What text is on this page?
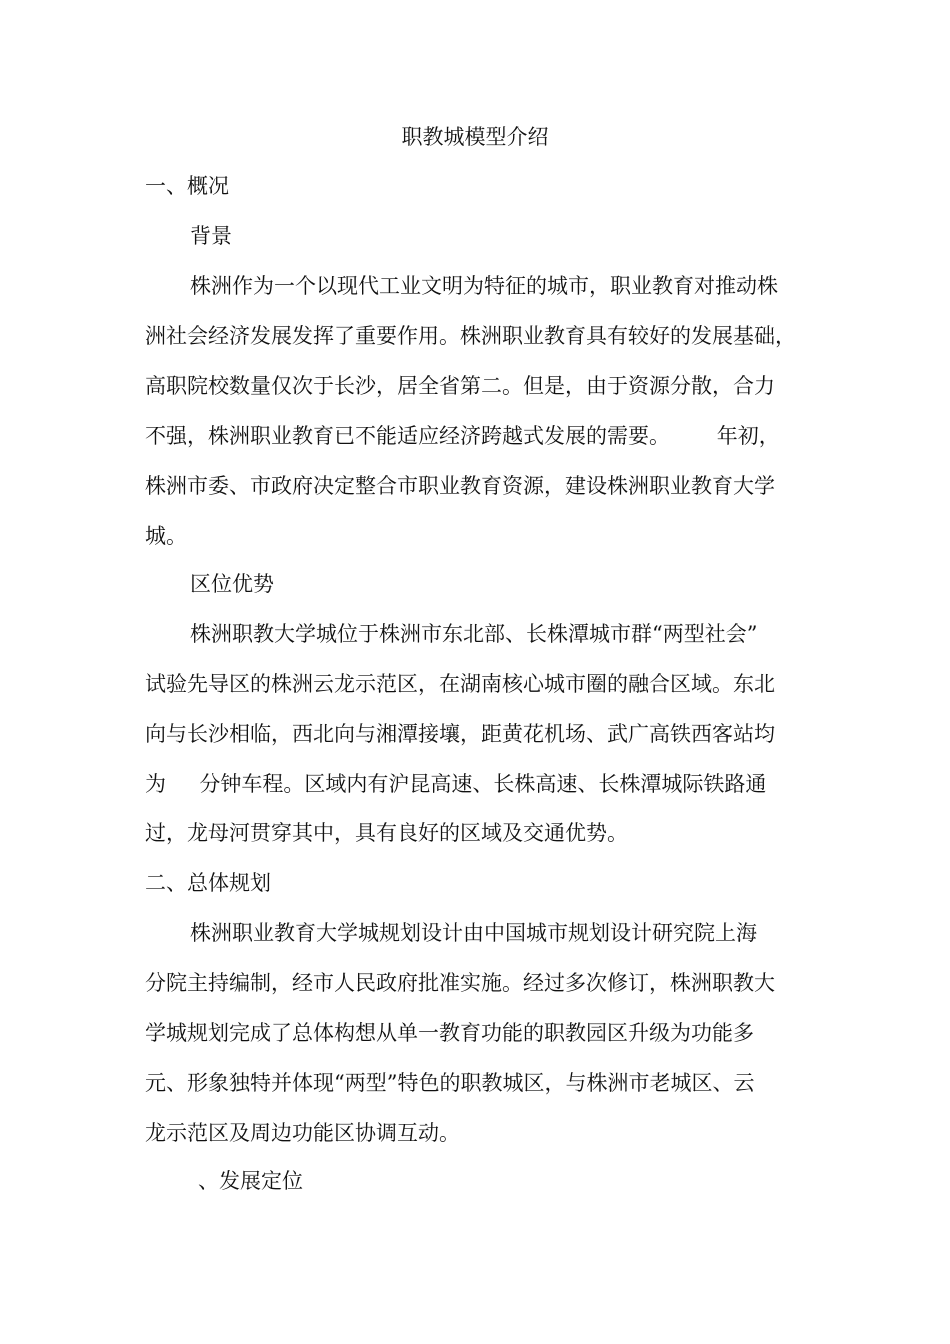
职教城模型介绍
一、概况
背景
株洲作为一个以现代工业文明为特征的城市，职业教育对推动株
洲社会经济发展发挥了重要作用。株洲职业教育具有较好的发展基础，
高职院校数量仅次于长沙，居全省第二。但是，由于资源分散，合力
不强，株洲职业教育已不能适应经济跨越式发展的需要。       年初，
株洲市委、市政府决定整合市职业教育资源，建设株洲职业教育大学
城。
区位优势
株洲职教大学城位于株洲市东北部、长株潭城市群“两型社会”
试验先导区的株洲云龙示范区，在湖南核心城市圈的融合区域。东北
向与长沙相临，西北向与湘潭接壤，距黄花机场、武广高铁西客站均
为     分钟车程。区域内有沪昆高速、长株高速、长株潭城际铁路通
过，龙母河贯穿其中，具有良好的区域及交通优势。
二、总体规划
株洲职业教育大学城规划设计由中国城市规划设计研究院上海
分院主持编制，经市人民政府批准实施。经过多次修订，株洲职教大
学城规划完成了总体构想从单一教育功能的职教园区升级为功能多
元、形象独特并体现“两型”特色的职教城区，与株洲市老城区、云
龙示范区及周边功能区协调互动。
、发展定位
